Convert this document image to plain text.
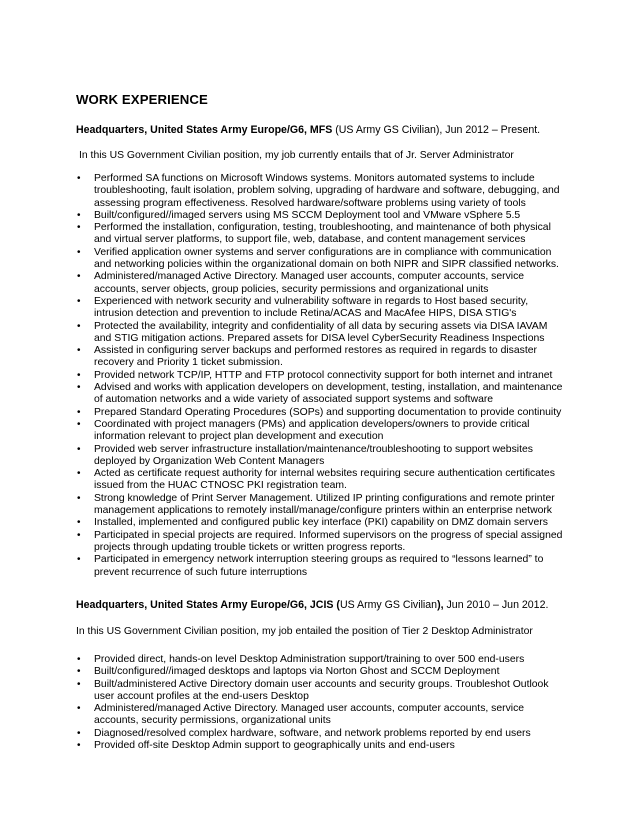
WORK EXPERIENCE
Headquarters, United States Army Europe/G6, MFS (US Army GS Civilian), Jun 2012 – Present.
In this US Government Civilian position, my job currently entails that of Jr. Server Administrator
• Performed SA functions on Microsoft Windows systems. Monitors automated systems to include troubleshooting, fault isolation, problem solving, upgrading of hardware and software, debugging, and assessing program effectiveness. Resolved hardware/software problems using variety of tools
• Built/configured//imaged servers using MS SCCM Deployment tool and VMware vSphere 5.5
• Performed the installation, configuration, testing, troubleshooting, and maintenance of both physical and virtual server platforms, to support file, web, database, and content management services
• Verified application owner systems and server configurations are in compliance with communication and networking policies within the organizational domain on both NIPR and SIPR classified networks.
• Administered/managed Active Directory. Managed user accounts, computer accounts, service accounts, server objects, group policies, security permissions and organizational units
• Experienced with network security and vulnerability software in regards to Host based security, intrusion detection and prevention to include Retina/ACAS and MacAfee HIPS, DISA STIG's
• Protected the availability, integrity and confidentiality of all data by securing assets via DISA IAVAM and STIG mitigation actions. Prepared assets for DISA level CyberSecurity Readiness Inspections
• Assisted in configuring server backups and performed restores as required in regards to disaster recovery and Priority 1 ticket submission.
• Provided network TCP/IP, HTTP and FTP protocol connectivity support for both internet and intranet
• Advised and works with application developers on development, testing, installation, and maintenance of automation networks and a wide variety of associated support systems and software
• Prepared Standard Operating Procedures (SOPs) and supporting documentation to provide continuity
• Coordinated with project managers (PMs) and application developers/owners to provide critical information relevant to project plan development and execution
• Provided web server infrastructure installation/maintenance/troubleshooting to support websites deployed by Organization Web Content Managers
• Acted as certificate request authority for internal websites requiring secure authentication certificates issued from the HUAC CTNOSC PKI registration team.
• Strong knowledge of Print Server Management. Utilized IP printing configurations and remote printer management applications to remotely install/manage/configure printers within an enterprise network
• Installed, implemented and configured public key interface (PKI) capability on DMZ domain servers
• Participated in special projects are required. Informed supervisors on the progress of special assigned projects through updating trouble tickets or written progress reports.
• Participated in emergency network interruption steering groups as required to “lessons learned” to prevent recurrence of such future interruptions
Headquarters, United States Army Europe/G6, JCIS (US Army GS Civilian), Jun 2010 – Jun 2012.
In this US Government Civilian position, my job entailed the position of Tier 2 Desktop Administrator
• Provided direct, hands-on level Desktop Administration support/training to over 500 end-users
• Built/configured//imaged desktops and laptops via Norton Ghost and SCCM Deployment
• Built/administered Active Directory domain user accounts and security groups. Troubleshot Outlook user account profiles at the end-users Desktop
• Administered/managed Active Directory. Managed user accounts, computer accounts, service accounts, security permissions, organizational units
• Diagnosed/resolved complex hardware, software, and network problems reported by end users
• Provided off-site Desktop Admin support to geographically units and end-users
